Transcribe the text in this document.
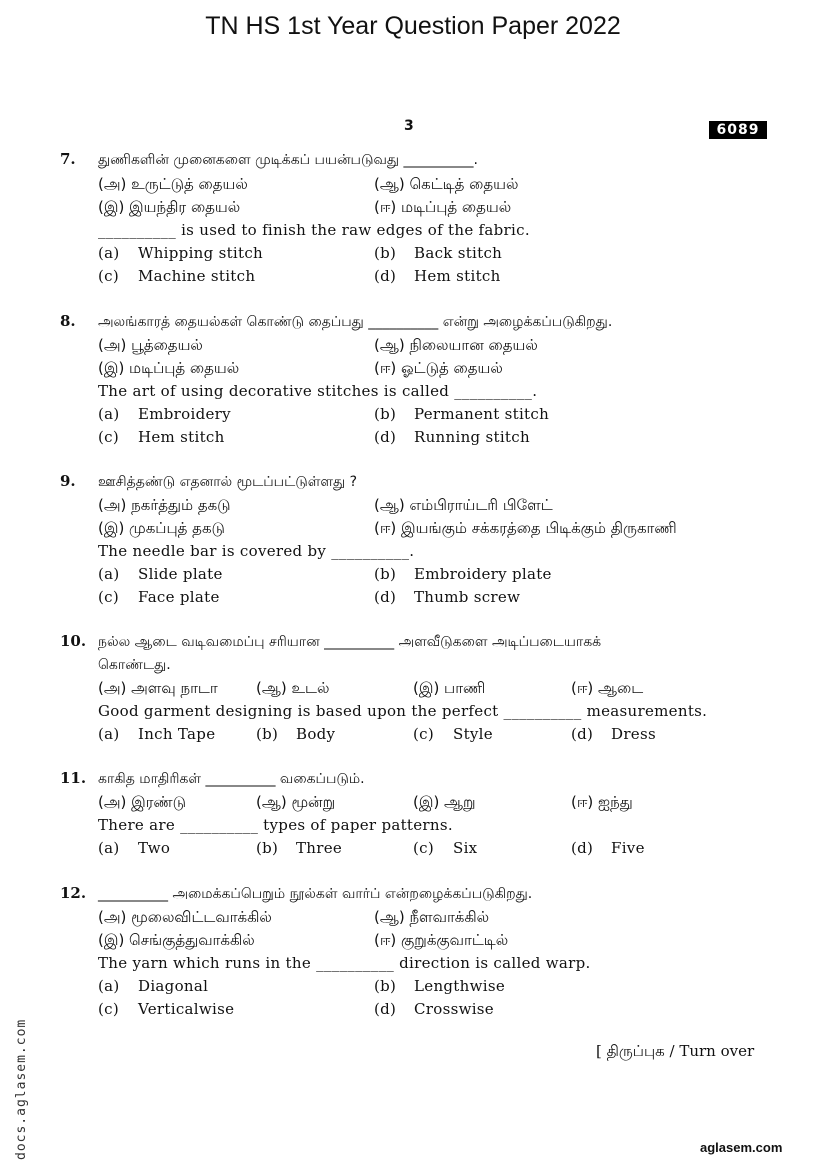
TN HS 1st Year Question Paper 2022
3	6089
7. துணிகளின் முனைகளை முடிக்கப் பயன்படுவது __________.
(அ) உருட்டுத் தையல்	(ஆ) கெட்டித் தையல்
(இ) இயந்திர தையல்	(ஈ) மடிப்புத் தையல்
__________ is used to finish the raw edges of the fabric.
(a) Whipping stitch	(b) Back stitch
(c) Machine stitch	(d) Hem stitch
8. அலங்காரத் தையல்கள் கொண்டு தைப்பது __________ என்று அழைக்கப்படுகிறது.
(அ) பூத்தையல்	(ஆ) நிலையான தையல்
(இ) மடிப்புத் தையல்	(ஈ) ஓட்டுத் தையல்
The art of using decorative stitches is called __________.
(a) Embroidery	(b) Permanent stitch
(c) Hem stitch	(d) Running stitch
9. ஊசித்தண்டு எதனால் மூடப்பட்டுள்ளது ?
(அ) நகர்த்தும் தகடு	(ஆ) எம்பிராய்டரி பிளேட்
(இ) முகப்புத் தகடு	(ஈ) இயங்கும் சக்கரத்தை பிடிக்கும் திருகாணி
The needle bar is covered by __________.
(a) Slide plate	(b) Embroidery plate
(c) Face plate	(d) Thumb screw
10. நல்ல ஆடை வடிவமைப்பு சரியான __________ அளவீடுகளை அடிப்படையாகக்
கொண்டது.
(அ) அளவு நாடா	(ஆ) உடல்	(இ) பாணி	(ஈ) ஆடை
Good garment designing is based upon the perfect __________ measurements.
(a) Inch Tape	(b) Body	(c) Style	(d) Dress
11. காகித மாதிரிகள் __________ வகைப்படும்.
(அ) இரண்டு	(ஆ) மூன்று	(இ) ஆறு	(ஈ) ஐந்து
There are __________ types of paper patterns.
(a) Two	(b) Three	(c) Six	(d) Five
12. __________ அமைக்கப்பெறும் நூல்கள் வார்ப் என்றழைக்கப்படுகிறது.
(அ) மூலைவிட்டவாக்கில்	(ஆ) நீளவாக்கில்
(இ) செங்குத்துவாக்கில்	(ஈ) குறுக்குவாட்டில்
The yarn which runs in the __________ direction is called warp.
(a) Diagonal	(b) Lengthwise
(c) Verticalwise	(d) Crosswise
[ திருப்புக / Turn over
docs.aglasem.com	aglasem.com
